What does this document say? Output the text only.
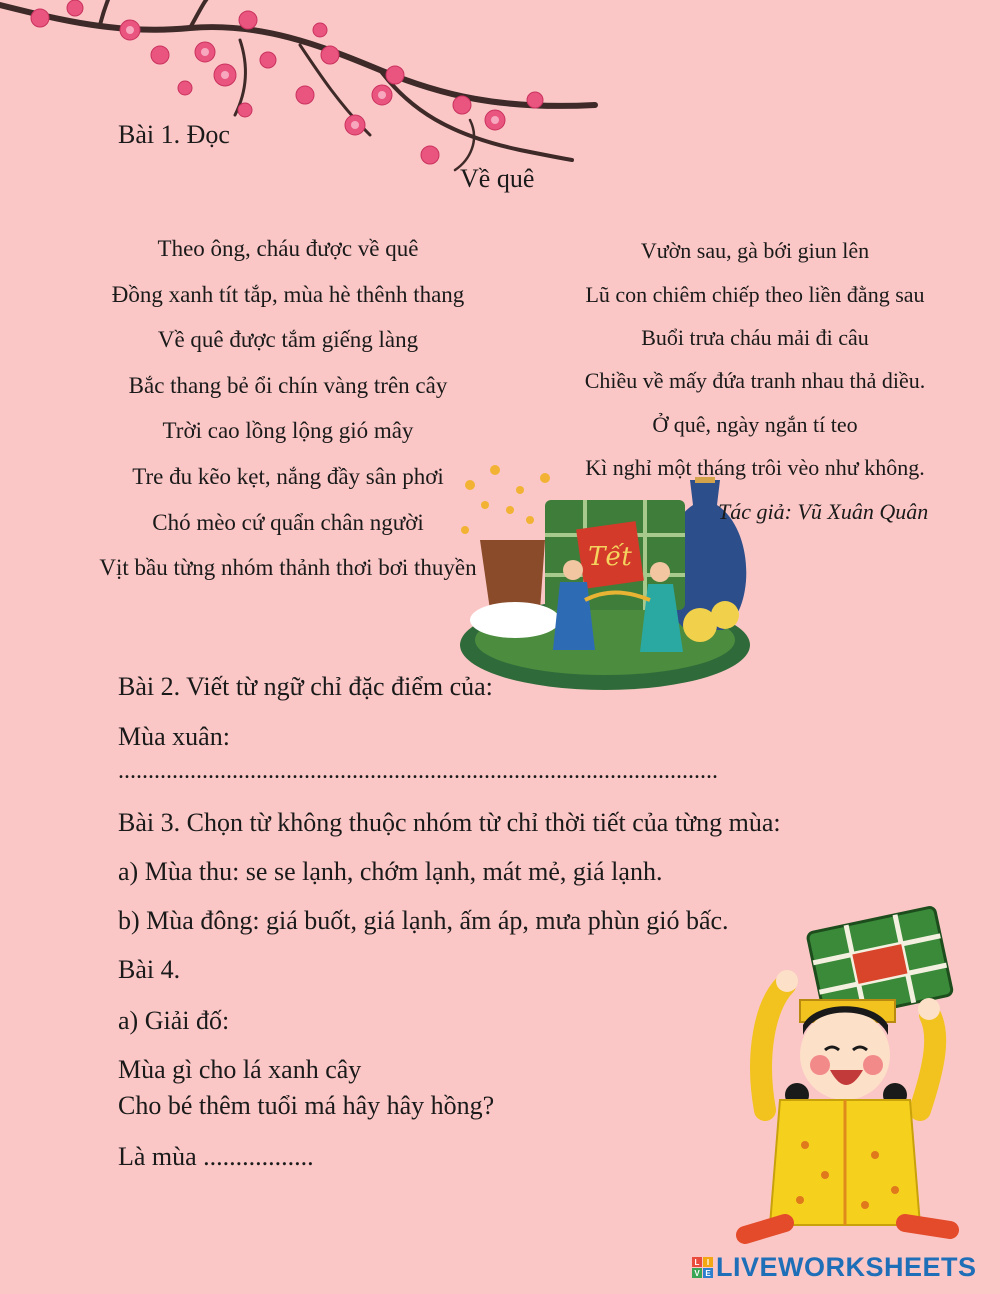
Bài 1. Đọc
Về quê
Theo ông, cháu được về quê
Đồng xanh tít tắp, mùa hè thênh thang
Về quê được tắm giếng làng
Bắc thang bẻ ổi chín vàng trên cây
Trời cao lồng lộng gió mây
Tre đu kẽo kẹt, nắng đầy sân phơi
Chó mèo cứ quẩn chân người
Vịt bầu từng nhóm thảnh thơi bơi thuyền	Tết
Vườn sau, gà bới giun lên
Lũ con chiêm chiếp theo liền đằng sau
Buổi trưa cháu mải đi câu
Chiều về mấy đứa tranh nhau thả diều.
Ở quê, ngày ngắn tí teo
Kì nghỉ một tháng trôi vèo như không.
Tác giả: Vũ Xuân Quân
Bài 2. Viết từ ngữ chỉ đặc điểm của:
Mùa xuân:
....................................................................................................
Bài 3. Chọn từ không thuộc nhóm từ chỉ thời tiết của từng mùa:
a) Mùa thu: se se lạnh, chớm lạnh, mát mẻ, giá lạnh.
b) Mùa đông: giá buốt, giá lạnh, ấm áp, mưa phùn gió bấc.
Bài 4.
a) Giải đố:
Mùa gì cho lá xanh cây
Cho bé thêm tuổi má hây hây hồng?
Là mùa .................
L I
V E LIVEWORKSHEETS
